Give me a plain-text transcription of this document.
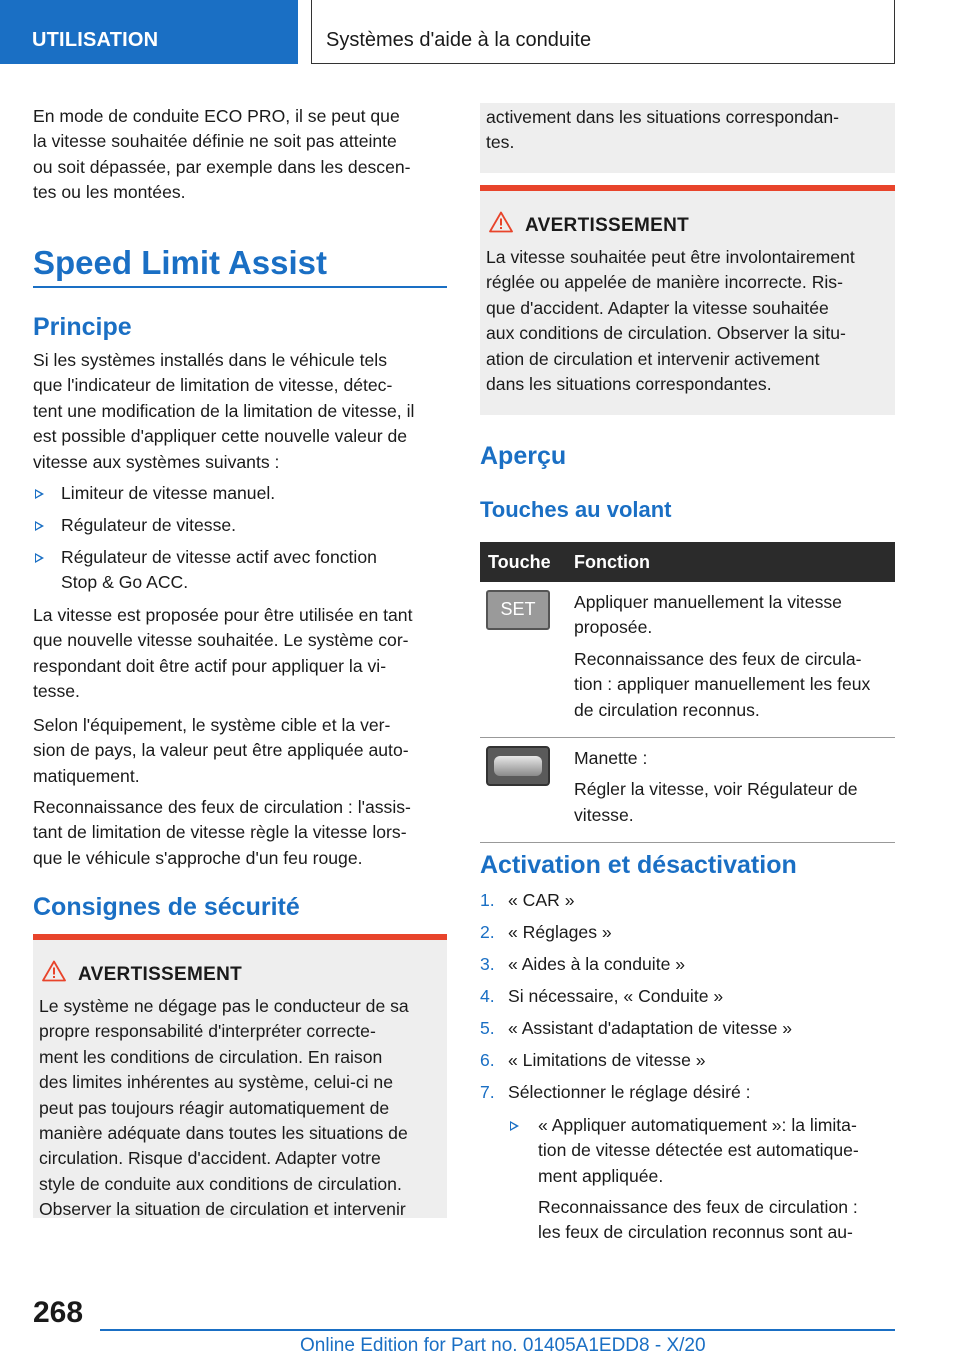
UTILISATION	Systèmes d'aide à la conduite

En mode de conduite ECO PRO, il se peut que

la vitesse souhaitée définie ne soit pas atteinte

ou soit dépassée, par exemple dans les descen-

tes ou les montées.

Speed Limit Assist
Principe

Si les systèmes installés dans le véhicule tels

que l'indicateur de limitation de vitesse, détec-

tent une modification de la limitation de vitesse, il

est possible d'appliquer cette nouvelle valeur de

vitesse aux systèmes suivants :

Limiteur de vitesse manuel.

Régulateur de vitesse.

Régulateur de vitesse actif avec fonction

Stop & Go ACC.

La vitesse est proposée pour être utilisée en tant

que nouvelle vitesse souhaitée. Le système cor-

respondant doit être actif pour appliquer la vi-

tesse.

Selon l'équipement, le système cible et la ver-

sion de pays, la valeur peut être appliquée auto-

matiquement.

Reconnaissance des feux de circulation : l'assis-

tant de limitation de vitesse règle la vitesse lors-

que le véhicule s'approche d'un feu rouge.

Consignes de sécurité
AVERTISSEMENT

Le système ne dégage pas le conducteur de sa

propre responsabilité d'interpréter correcte-

ment les conditions de circulation. En raison

des limites inhérentes au système, celui-ci ne

peut pas toujours réagir automatiquement de

manière adéquate dans toutes les situations de

circulation. Risque d'accident. Adapter votre

style de conduite aux conditions de circulation.

Observer la situation de circulation et intervenir

activement dans les situations correspondan-

tes.

AVERTISSEMENT

La vitesse souhaitée peut être involontairement

réglée ou appelée de manière incorrecte. Ris-

que d'accident. Adapter la vitesse souhaitée

aux conditions de circulation. Observer la situ-

ation de circulation et intervenir activement

dans les situations correspondantes.

Aperçu
Touches au volant
Touche	Fonction

SET	Appliquer manuellement la vitesse proposée.

Reconnaissance des feux de circula-tion : appliquer manuellement les feux de circulation reconnus.

	Manette :

Régler la vitesse, voir Régulateur de vitesse.

Activation et désactivation
1. « CAR »

2. « Réglages »

3. « Aides à la conduite »

4. Si nécessaire, « Conduite »

5. « Assistant d'adaptation de vitesse »

6. « Limitations de vitesse »

7. Sélectionner le réglage désiré :

« Appliquer automatiquement »: la limita-

tion de vitesse détectée est automatique-

ment appliquée.

Reconnaissance des feux de circulation :

les feux de circulation reconnus sont au-

268
Online Edition for Part no. 01405A1EDD8 - X/20
